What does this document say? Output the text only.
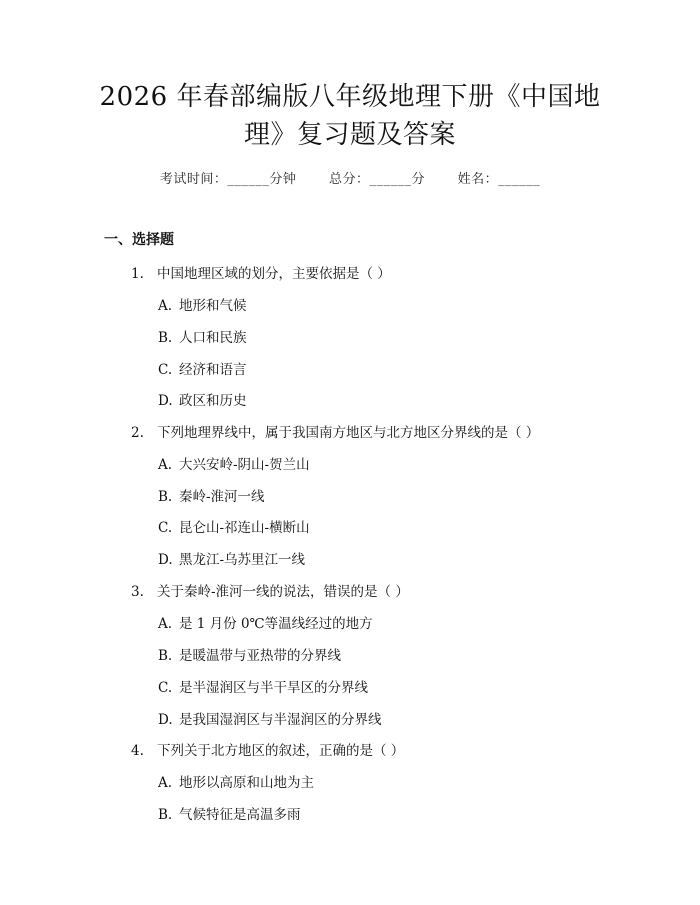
2026 年春部编版八年级地理下册《中国地
理》复习题及答案
考试时间：______分钟	总分：______分	姓名：______
一、选择题
1. 中国地理区域的划分，主要依据是（ ）
A. 地形和气候
B. 人口和民族
C. 经济和语言
D. 政区和历史
2. 下列地理界线中，属于我国南方地区与北方地区分界线的是（ ）
A. 大兴安岭-阴山-贺兰山
B. 秦岭-淮河一线
C. 昆仑山-祁连山-横断山
D. 黑龙江-乌苏里江一线
3. 关于秦岭-淮河一线的说法，错误的是（ ）
A. 是 1 月份 0℃等温线经过的地方
B. 是暖温带与亚热带的分界线
C. 是半湿润区与半干旱区的分界线
D. 是我国湿润区与半湿润区的分界线
4. 下列关于北方地区的叙述，正确的是（ ）
A. 地形以高原和山地为主
B. 气候特征是高温多雨
